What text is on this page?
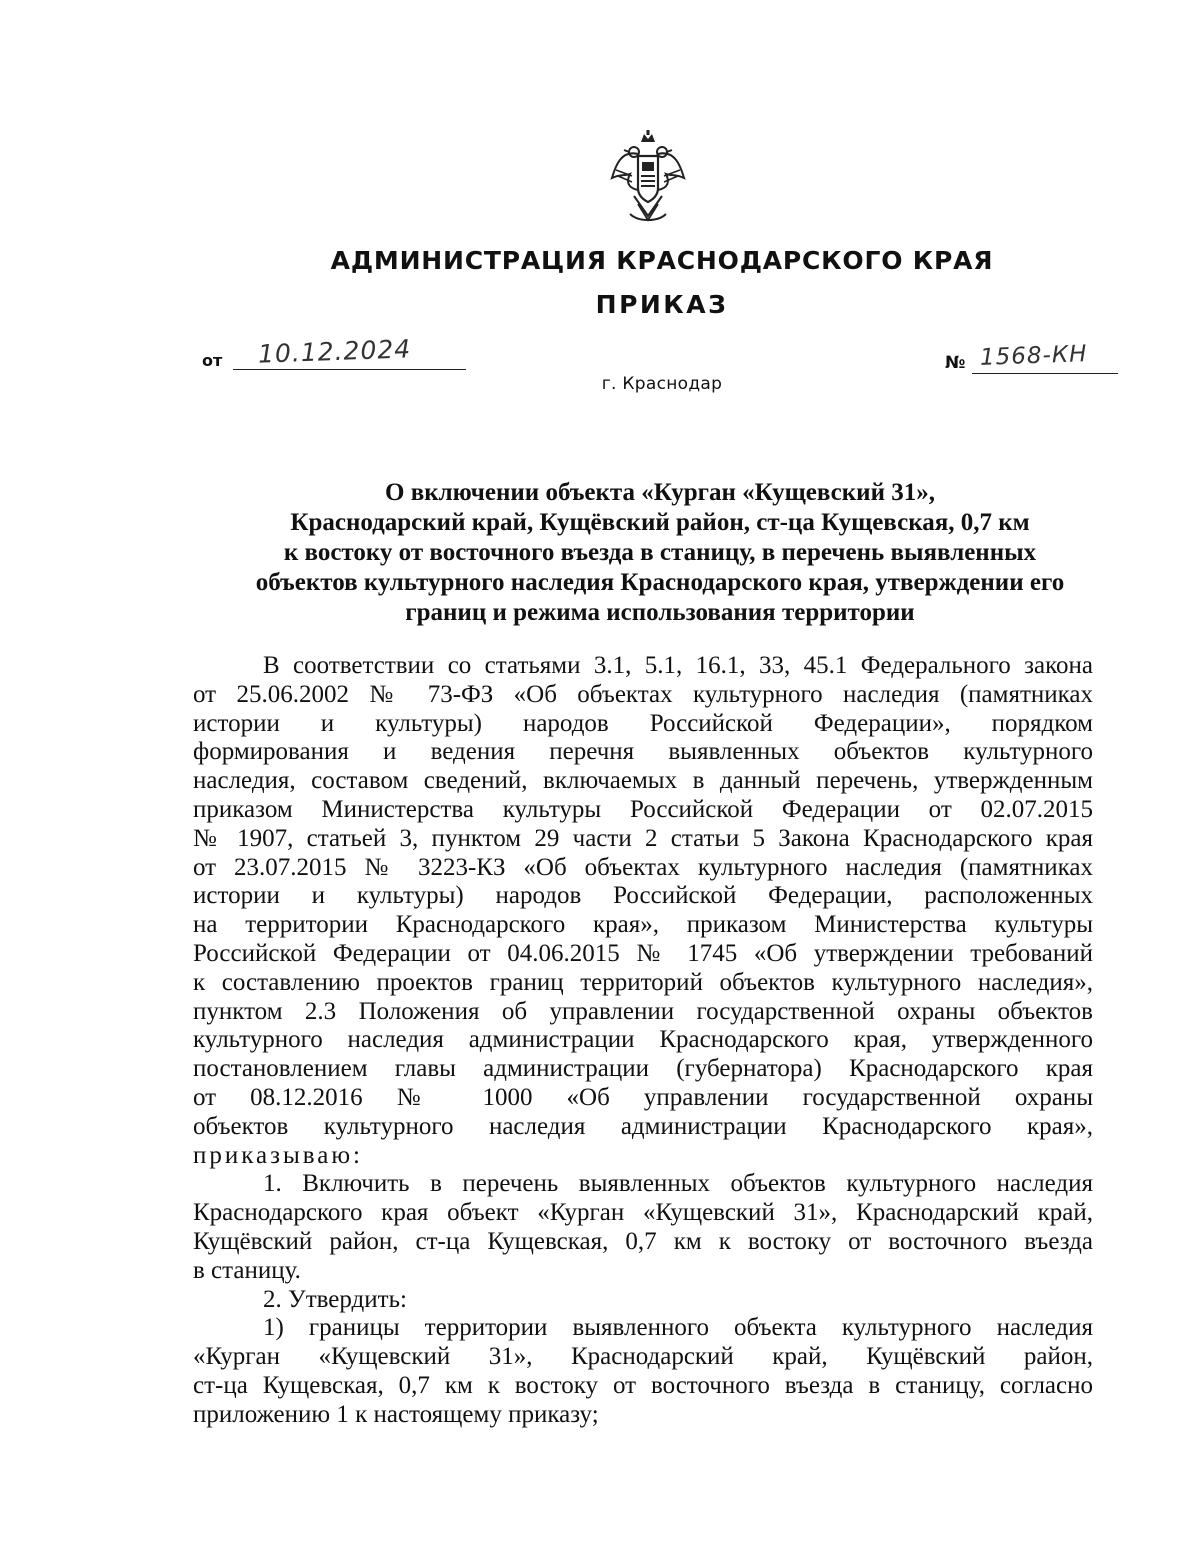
АДМИНИСТРАЦИЯ КРАСНОДАРСКОГО КРАЯ
ПРИКАЗ
от 10.12.2024	№ 1568-КН
г. Краснодар
О включении объекта «Курган «Кущевский 31»,
Краснодарский край, Кущёвский район, ст-ца Кущевская, 0,7 км
к востоку от восточного въезда в станицу, в перечень выявленных
объектов культурного наследия Краснодарского края, утверждении его
границ и режима использования территории
В соответствии со статьями 3.1, 5.1, 16.1, 33, 45.1 Федерального закона
от 25.06.2002 № 73-ФЗ «Об объектах культурного наследия (памятниках
истории и культуры) народов Российской Федерации», порядком
формирования и ведения перечня выявленных объектов культурного
наследия, составом сведений, включаемых в данный перечень, утвержденным
приказом Министерства культуры Российской Федерации от 02.07.2015
№ 1907, статьей 3, пунктом 29 части 2 статьи 5 Закона Краснодарского края
от 23.07.2015 № 3223-КЗ «Об объектах культурного наследия (памятниках
истории и культуры) народов Российской Федерации, расположенных
на территории Краснодарского края», приказом Министерства культуры
Российской Федерации от 04.06.2015 № 1745 «Об утверждении требований
к составлению проектов границ территорий объектов культурного наследия»,
пунктом 2.3 Положения об управлении государственной охраны объектов
культурного наследия администрации Краснодарского края, утвержденного
постановлением главы администрации (губернатора) Краснодарского края
от 08.12.2016 № 1000 «Об управлении государственной охраны
объектов культурного наследия администрации Краснодарского края»,
приказываю:
1. Включить в перечень выявленных объектов культурного наследия
Краснодарского края объект «Курган «Кущевский 31», Краснодарский край,
Кущёвский район, ст-ца Кущевская, 0,7 км к востоку от восточного въезда
в станицу.
2. Утвердить:
1) границы территории выявленного объекта культурного наследия
«Курган «Кущевский 31», Краснодарский край, Кущёвский район,
ст-ца Кущевская, 0,7 км к востоку от восточного въезда в станицу, согласно
приложению 1 к настоящему приказу;
